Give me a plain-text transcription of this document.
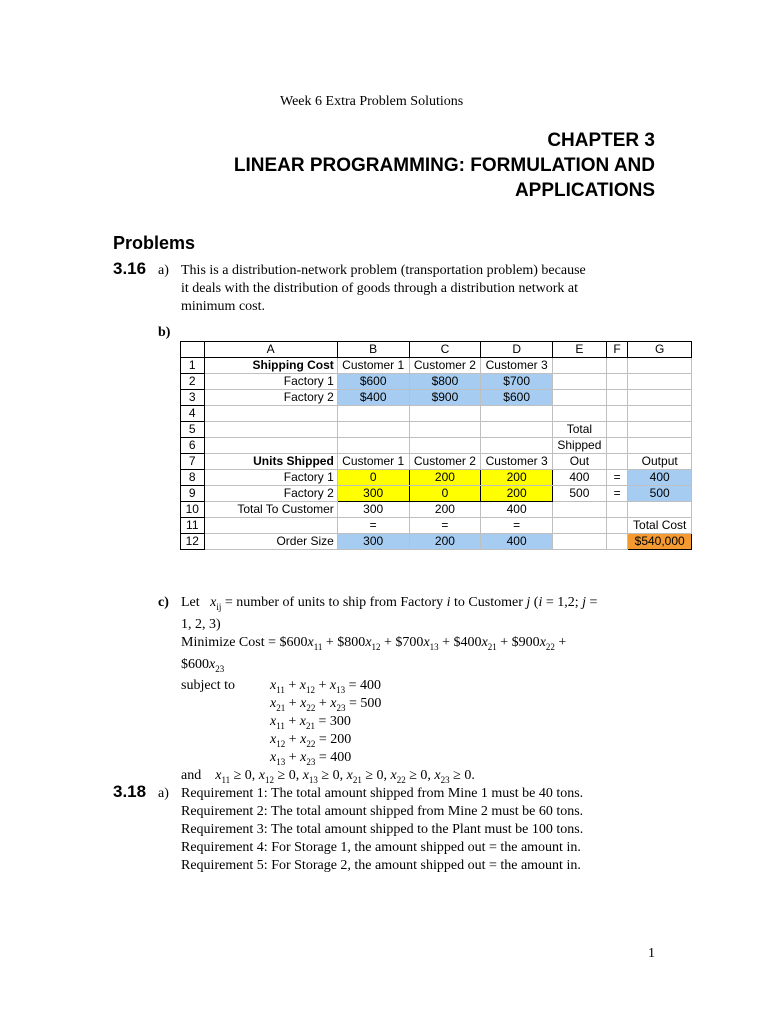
Week 6 Extra Problem Solutions
CHAPTER 3
LINEAR PROGRAMMING: FORMULATION AND
APPLICATIONS
Problems
3.16 a) This is a distribution-network problem (transportation problem) because
it deals with the distribution of goods through a distribution network at
minimum cost.
b)
	A	B	C	D	E	F	G
1	Shipping Cost	Customer 1	Customer 2	Customer 3			
2	Factory 1	$600	$800	$700			
3	Factory 2	$400	$900	$600			
4							
5					Total		
6					Shipped		
7	Units Shipped	Customer 1	Customer 2	Customer 3	Out		Output
8	Factory 1	0	200	200	400	=	400
9	Factory 2	300	0	200	500	=	500
10	Total To Customer	300	200	400			
11		=	=	=			Total Cost
12	Order Size	300	200	400			$540,000
c) Let $x_{ij}$ = number of units to ship from Factory i to Customer j (i = 1,2; j =
1, 2, 3)
Minimize Cost = $\$600x_{11}$ + $\$800x_{12}$ + $\$700x_{13}$ + $\$400x_{21}$ + $\$900x_{22}$ +
$\$600x_{23}$
subject to $x_{11} + x_{12} + x_{13} = 400$
$x_{21} + x_{22} + x_{23} = 500$
$x_{11} + x_{21} = 300$
$x_{12} + x_{22} = 200$
$x_{13} + x_{23} = 400$
and $x_{11} \ge 0$, $x_{12} \ge 0$, $x_{13} \ge 0$, $x_{21} \ge 0$, $x_{22} \ge 0$, $x_{23} \ge 0$.
3.18 a) Requirement 1: The total amount shipped from Mine 1 must be 40 tons.
Requirement 2: The total amount shipped from Mine 2 must be 60 tons.
Requirement 3: The total amount shipped to the Plant must be 100 tons.
Requirement 4: For Storage 1, the amount shipped out = the amount in.
Requirement 5: For Storage 2, the amount shipped out = the amount in.
1
